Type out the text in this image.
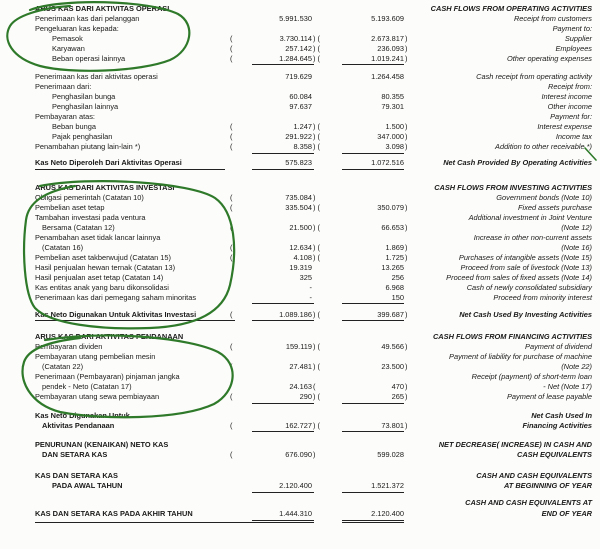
ARUS KAS DARI AKTIVITAS OPERASI	CASH FLOWS FROM OPERATING ACTIVITIES
Penerimaan kas dari pelanggan	5.991.530	5.193.609	Receipt from customers
Pengeluaran kas kepada:	Payment to:
Pemasok	(	3.730.114 ) (	2.673.817 )	Supplier
Karyawan	(	257.142 ) (	236.093 )	Employees
Beban operasi lainnya	(	1.284.645 ) (	1.019.241 )	Other operating expenses
Penerimaan kas dari aktivitas operasi	719.629	1.264.458	Cash receipt from operating activity
Penerimaan dari:	Receipt from:
Penghasilan bunga	60.084	80.355	Interest income
Penghasilan lainnya	97.637	79.301	Other income
Pembayaran atas:	Payment for:
Beban bunga	(	1.247 ) (	1.500 )	Interest expense
Pajak penghasilan	(	291.922 ) (	347.000 )	Income tax
Penambahan piutang lain-lain *)	(	8.358 ) (	3.098 )	Addition to other receivable *)
Kas Neto Diperoleh Dari Aktivitas Operasi	575.823	1.072.516	Net Cash Provided By Operating Activities
ARUS KAS DARI AKTIVITAS INVESTASI	CASH FLOWS FROM INVESTING ACTIVITIES
Obligasi pemerintah (Catatan 10)	(	735.084 )	Government bonds (Note 10)
Pembelian aset tetap	(	335.504 ) (	350.079 )	Fixed assets purchase
Tambahan investasi pada ventura	Additional investment in Joint Venture
Bersama (Catatan 12)	(	21.500 ) (	66.653 )	(Note 12)
Penambahan aset tidak lancar lainnya	Increase in other non-current assets
(Catatan 16)	(	12.634 ) (	1.869 )	(Note 16)
Pembelian aset takberwujud (Catatan 15)	(	4.108 ) (	1.725 )	Purchases of intangible assets (Note 15)
Hasil penjualan hewan ternak (Catatan 13)	19.319	13.265	Proceed from sale of livestock (Note 13)
Hasil penjualan aset tetap (Catatan 14)	325	256	Proceed from sales of fixed assets (Note 14)
Kas entitas anak yang baru dikonsolidasi	-	6.968	Cash of newly consolidated subsidiary
Penerimaan kas dari pemegang saham minoritas	-	150	Proceed from minority interest
Kas Neto Digunakan Untuk Aktivitas Investasi	(	1.089.186 ) (	399.687 )	Net Cash Used By Investing Activities
ARUS KAS DARI AKTIVITAS PENDANAAN	CASH FLOWS FROM FINANCING ACTIVITIES
Pembayaran dividen	(	159.119 ) (	49.566 )	Payment of dividend
Pembayaran utang pembelian mesin	Payment of liability for purchase of machine
(Catatan 22)	(	27.481 ) (	23.500 )	(Note 22)
Penerimaan (Pembayaran) pinjaman jangka	Receipt (payment) of short-term loan
pendek - Neto (Catatan 17)	24.163 (	470 )	- Net (Note 17)
Pembayaran utang sewa pembiayaan	(	290 ) (	265 )	Payment of lease payable
Kas Neto Digunakan Untuk	Net Cash Used In
Aktivitas Pendanaan	(	162.727 ) (	73.801 )	Financing Activities
PENURUNAN (KENAIKAN) NETO KAS	NET DECREASE( INCREASE) IN CASH AND
DAN SETARA KAS	(	676.090 )	599.028	CASH EQUIVALENTS
KAS DAN SETARA KAS	CASH AND CASH EQUIVALENTS
PADA AWAL TAHUN	2.120.400	1.521.372	AT BEGINNING OF YEAR
CASH AND CASH EQUIVALENTS AT
KAS DAN SETARA KAS PADA AKHIR TAHUN	1.444.310	2.120.400	END OF YEAR
